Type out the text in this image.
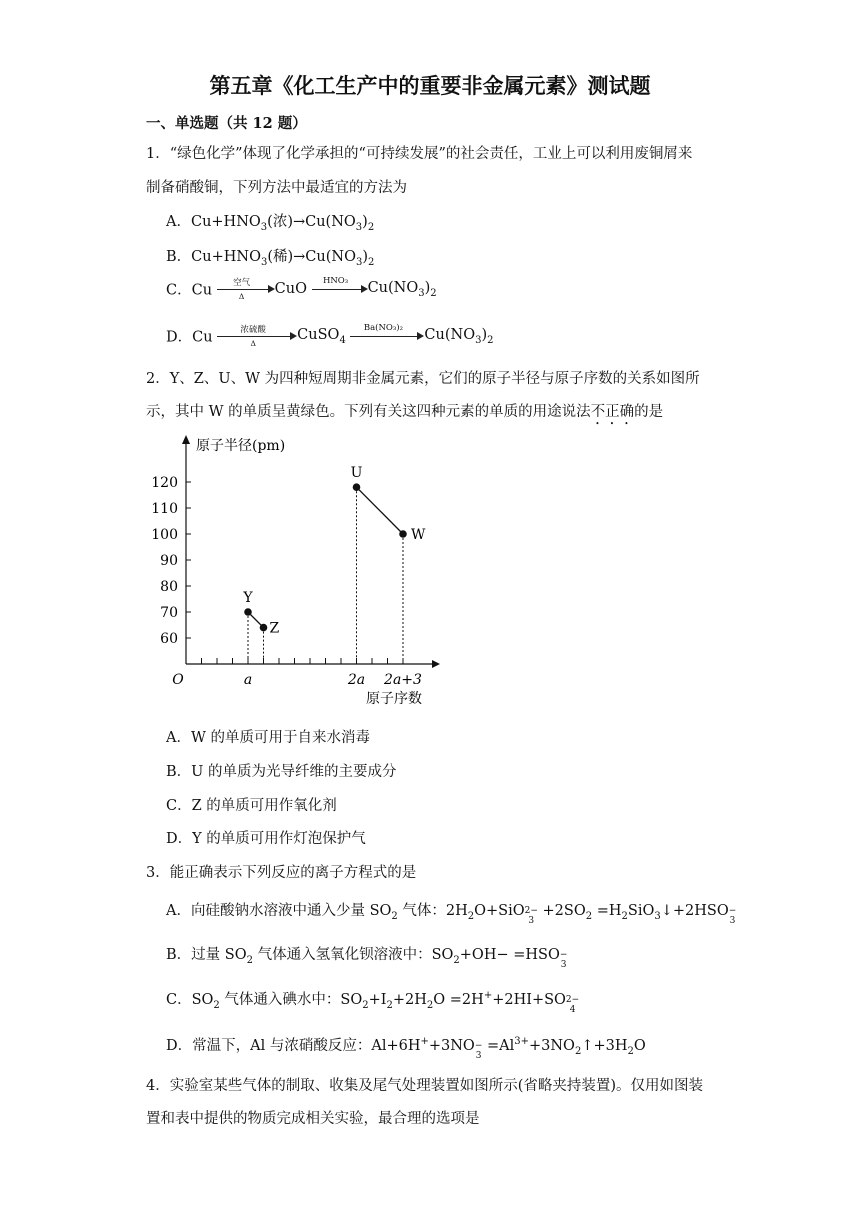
第五章《化工生产中的重要非金属元素》测试题
一、单选题（共 12 题）
1．“绿色化学”体现了化学承担的“可持续发展”的社会责任，工业上可以利用废铜屑来
制备硝酸铜，下列方法中最适宜的方法为
A．$Cu+HNO_3$(浓)$\to Cu(NO_3)_2$
B．$Cu+HNO_3$(稀)$\to Cu(NO_3)_2$
C．Cu	空气
Δ	CuO	HNO₃	$Cu(NO_3)_2$
D．Cu	浓硫酸
Δ
CuSO$_4$
Ba(NO₃)₂	$Cu(NO_3)_2$
2．Y、Z、U、W 为四种短周期非金属元素，它们的原子半径与原子序数的关系如图所
示，其中 W 的单质呈黄绿色。下列有关这四种元素的单质的用途说法不正确的是
原子半径(pm)
原子序数
O
60
70
80
90
100
110
120
a	2a 2a+3
Y
Z
U
W
A．W 的单质可用于自来水消毒
B．U 的单质为光导纤维的主要成分
C．Z 的单质可用作氧化剂
D．Y 的单质可用作灯泡保护气
3．能正确表示下列反应的离子方程式的是
A．向硅酸钠水溶液中通入少量 $SO_2$ 气体：$2H_2O+SiO2-$
$3 +2SO_2$ $=H_2SiO_3↓+2HSO-$
3
B．过量 $SO_2$ 气体通入氢氧化钡溶液中：$SO_2+OH- =HSO-$
3
C．$SO_2$ 气体通入碘水中：$SO_2+I_2+2H_2O =2H^++2HI+SO2-$
4
D．常温下，Al 与浓硝酸反应：Al+6H++3NO−
$3 =Al^{3+}+3NO_2↑+3H_2O$
4．实验室某些气体的制取、收集及尾气处理装置如图所示(省略夹持装置)。仅用如图装
置和表中提供的物质完成相关实验，最合理的选项是
